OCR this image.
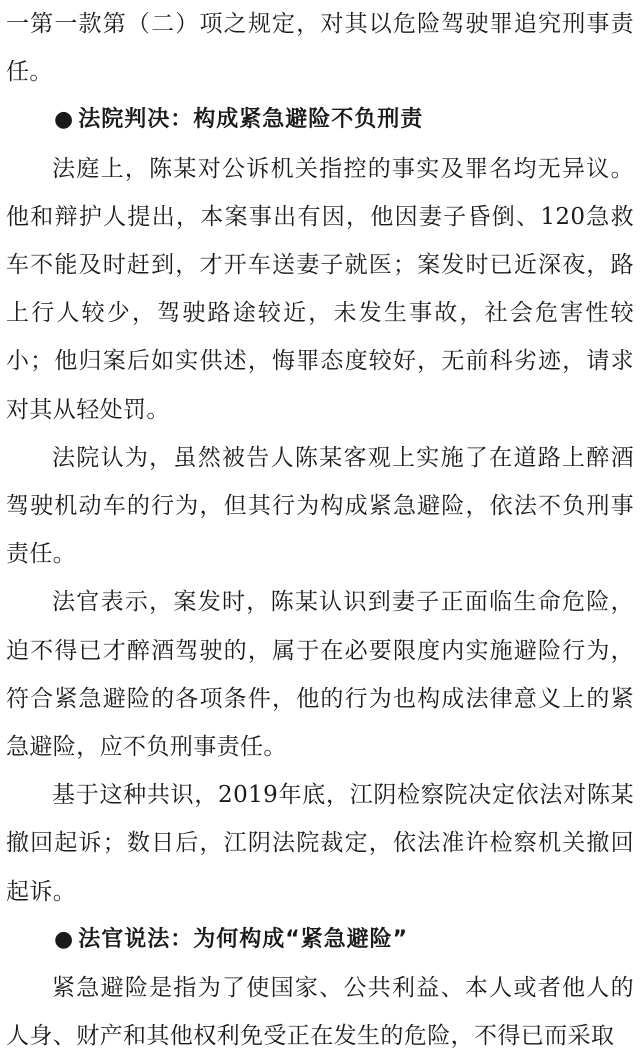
一第一款第（二）项之规定，对其以危险驾驶罪追究刑事责任。

● 法院判决：构成紧急避险不负刑责

法庭上，陈某对公诉机关指控的事实及罪名均无异议。他和辩护人提出，本案事出有因，他因妻子昏倒、120急救车不能及时赶到，才开车送妻子就医；案发时已近深夜，路上行人较少，驾驶路途较近，未发生事故，社会危害性较小；他归案后如实供述，悔罪态度较好，无前科劣迹，请求对其从轻处罚。

法院认为，虽然被告人陈某客观上实施了在道路上醉酒驾驶机动车的行为，但其行为构成紧急避险，依法不负刑事责任。

法官表示，案发时，陈某认识到妻子正面临生命危险，迫不得已才醉酒驾驶的，属于在必要限度内实施避险行为，符合紧急避险的各项条件，他的行为也构成法律意义上的紧急避险，应不负刑事责任。

基于这种共识，2019年底，江阴检察院决定依法对陈某撤回起诉；数日后，江阴法院裁定，依法准许检察机关撤回起诉。

● 法官说法：为何构成“紧急避险”

紧急避险是指为了使国家、公共利益、本人或者他人的人身、财产和其他权利免受正在发生的危险，不得已而采取
